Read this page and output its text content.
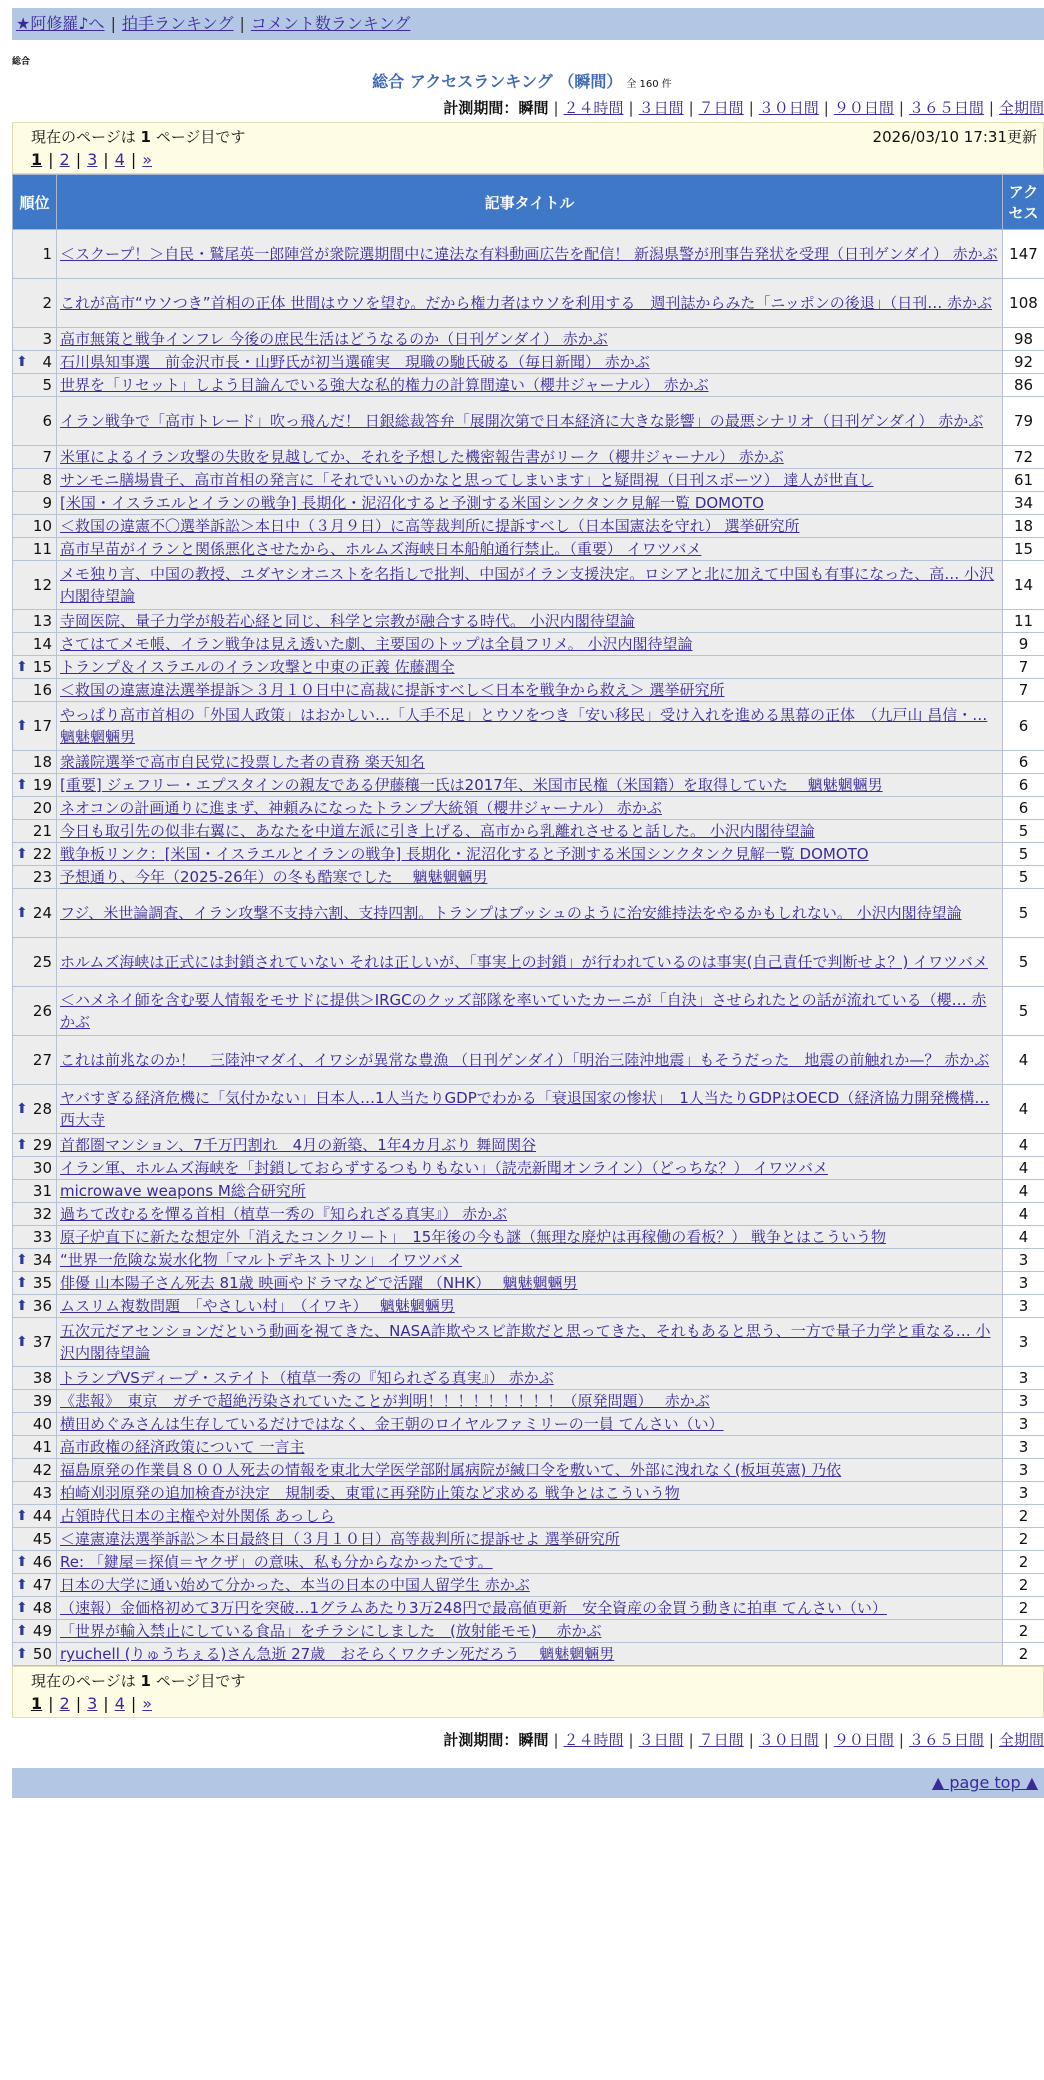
★阿修羅♪へ | 拍手ランキング | コメント数ランキング
総合
総合 アクセスランキング （瞬間） 全 160 件
計測期間：瞬間 | ２４時間 | ３日間 | ７日間 | ３０日間 | ９０日間 | ３６５日間 | 全期間
現在のページは 1 ページ目です
1 | 2 | 3 | 4 | »
2026/03/10 17:31更新
順位	記事タイトル	アクセス
1	＜スクープ！＞自民・鷲尾英一郎陣営が衆院選期間中に違法な有料動画広告を配信！ 新潟県警が刑事告発状を受理（日刊ゲンダイ） 赤かぶ	147
2	これが高市“ウソつき”首相の正体 世間はウソを望む。だから権力者はウソを利用する　週刊誌からみた「ニッポンの後退」（日刊… 赤かぶ	108
3	高市無策と戦争インフレ 今後の庶民生活はどうなるのか（日刊ゲンダイ） 赤かぶ	98

⬆ 4	石川県知事選　前金沢市長・山野氏が初当選確実　現職の馳氏破る（毎日新聞） 赤かぶ	92
5	世界を「リセット」しよう目論んでいる強大な私的権力の計算間違い（櫻井ジャーナル） 赤かぶ	86
6	イラン戦争で「高市トレード」吹っ飛んだ！ 日銀総裁答弁「展開次第で日本経済に大きな影響」の最悪シナリオ（日刊ゲンダイ） 赤かぶ	79
7	米軍によるイラン攻撃の失敗を見越してか、それを予想した機密報告書がリーク（櫻井ジャーナル） 赤かぶ	72
8	サンモニ膳場貴子、高市首相の発言に「それでいいのかなと思ってしまいます」と疑問視（日刊スポーツ） 達人が世直し	61
9	[米国・イスラエルとイランの戦争] 長期化・泥沼化すると予測する米国シンクタンク見解一覧 DOMOTO	34
10	＜救国の違憲不〇選挙訴訟＞本日中（３月９日）に高等裁判所に提訴すべし（日本国憲法を守れ） 選挙研究所	18
11	高市早苗がイランと関係悪化させたから、ホルムズ海峡日本船舶通行禁止。（重要） イワツバメ	15
12	メモ独り言、中国の教授、ユダヤシオニストを名指しで批判、中国がイラン支援決定。ロシアと北に加えて中国も有事になった、高… 小沢内閣待望論	14
13	寺岡医院、量子力学が般若心経と同じ、科学と宗教が融合する時代。 小沢内閣待望論	11
14	さてはてメモ帳、イラン戦争は見え透いた劇、主要国のトップは全員フリメ。 小沢内閣待望論	9

⬆ 15	トランプ＆イスラエルのイラン攻撃と中東の正義 佐藤潤全	7
16	＜救国の違憲違法選挙提訴＞３月１０日中に高裁に提訴すべし＜日本を戦争から救え＞ 選挙研究所	7

⬆ 17	やっぱり高市首相の「外国人政策」はおかしい…「人手不足」とウソをつき「安い移民」受け入れを進める黒幕の正体　（九戸山 昌信・… 魑魅魍魎男	6
18	衆議院選挙で高市自民党に投票した者の責務 楽天知名	6

⬆ 19	[重要] ジェフリー・エプスタインの親友である伊藤穰一氏は2017年、米国市民権（米国籍）を取得していた　 魑魅魍魎男	6
20	ネオコンの計画通りに進まず、神頼みになったトランプ大統領（櫻井ジャーナル） 赤かぶ	6
21	今日も取引先の似非右翼に、あなたを中道左派に引き上げる、高市から乳離れさせると話した。 小沢内閣待望論	5

⬆ 22	戦争板リンク：[米国・イスラエルとイランの戦争] 長期化・泥沼化すると予測する米国シンクタンク見解一覧 DOMOTO	5
23	予想通り、今年（2025-26年）の冬も酷寒でした　 魑魅魍魎男	5

⬆ 24	フジ、米世論調査、イラン攻撃不支持六割、支持四割。トランプはブッシュのように治安維持法をやるかもしれない。 小沢内閣待望論	5
25	ホルムズ海峡は正式には封鎖されていない それは正しいが、「事実上の封鎖」が行われているのは事実(自己責任で判断せよ？) イワツバメ	5
26	＜ハメネイ師を含む要人情報をモサドに提供＞IRGCのクッズ部隊を率いていたカーニが「自決」させられたとの話が流れている（櫻… 赤かぶ	5
27	これは前兆なのか！　三陸沖マダイ、イワシが異常な豊漁 （日刊ゲンダイ）「明治三陸沖地震」もそうだった　地震の前触れか—？ 赤かぶ	4

⬆ 28	ヤバすぎる経済危機に「気付かない」日本人…1人当たりGDPでわかる「衰退国家の惨状」　1人当たりGDPはOECD（経済協力開発機構… 西大寺	4

⬆ 29	首都圏マンション、7千万円割れ　4月の新築、1年4カ月ぶり 舞岡関谷	4
30	イラン軍、ホルムズ海峡を「封鎖しておらずするつもりもない」（読売新聞オンライン）（どっちな？） イワツバメ	4
31	microwave weapons M総合研究所	4
32	過ちて改むるを憚る首相（植草一秀の『知られざる真実』） 赤かぶ	4
33	原子炉直下に新たな想定外「消えたコンクリート」　15年後の今も謎（無理な廃炉は再稼働の看板？） 戦争とはこういう物	4

⬆ 34	“世界一危険な炭水化物「マルトデキストリン」 イワツバメ	3

⬆ 35	俳優 山本陽子さん死去 81歳 映画やドラマなどで活躍 （NHK）　 魑魅魍魎男	3

⬆ 36	ムスリム複数問題　「やさしい村」　（イワキ）　 魑魅魍魎男	3

⬆ 37	五次元だアセンションだという動画を視てきた、NASA詐欺やスピ詐欺だと思ってきた、それもあると思う、一方で量子力学と重なる… 小沢内閣待望論	3
38	トランプVSディープ・ステイト（植草一秀の『知られざる真実』） 赤かぶ	3
39	《悲報》　東京　ガチで超絶汚染されていたことが判明！！！！！！！！！（原発問題）　 赤かぶ	3
40	横田めぐみさんは生存しているだけではなく、金王朝のロイヤルファミリーの一員 てんさい（い）	3
41	高市政権の経済政策について 一言主	3
42	福島原発の作業員８００人死去の情報を東北大学医学部附属病院が緘口令を敷いて、外部に洩れなく(板垣英憲) 乃依	3
43	柏崎刈羽原発の追加検査が決定　規制委、東電に再発防止策など求める 戦争とはこういう物	3

⬆ 44	占領時代日本の主権や対外関係 あっしら	2
45	＜違憲違法選挙訴訟＞本日最終日（３月１０日）高等裁判所に提訴せよ 選挙研究所	2

⬆ 46	Re: 「鍵屋＝探偵＝ヤクザ」の意味、私も分からなかったです。	2

⬆ 47	日本の大学に通い始めて分かった、本当の日本の中国人留学生 赤かぶ	2

⬆ 48	（速報）金価格初めて3万円を突破…1グラムあたり3万248円で最高値更新　安全資産の金買う動きに拍車 てんさい（い）	2

⬆ 49	「世界が輸入禁止にしている食品」をチラシにしました　(放射能モモ)　 赤かぶ	2

⬆ 50	ryuchell (りゅうちぇる)さん急逝 27歳　おそらくワクチン死だろう　 魑魅魍魎男	2
現在のページは 1 ページ目です
1 | 2 | 3 | 4 | »
計測期間：瞬間 | ２４時間 | ３日間 | ７日間 | ３０日間 | ９０日間 | ３６５日間 | 全期間
▲ page top ▲
